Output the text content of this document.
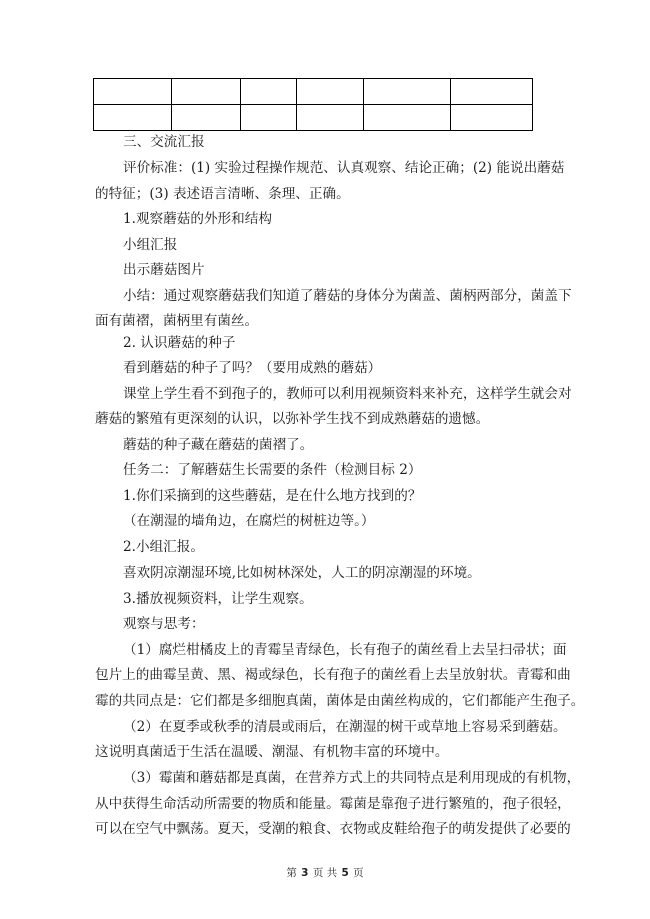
三、交流汇报
评价标准：(1) 实验过程操作规范、认真观察、结论正确；(2) 能说出蘑菇
的特征；(3) 表述语言清晰、条理、正确。
1.观察蘑菇的外形和结构
小组汇报
出示蘑菇图片
小结：通过观察蘑菇我们知道了蘑菇的身体分为菌盖、菌柄两部分，菌盖下
面有菌褶，菌柄里有菌丝。
2. 认识蘑菇的种子
看到蘑菇的种子了吗？（要用成熟的蘑菇）
课堂上学生看不到孢子的，教师可以利用视频资料来补充，这样学生就会对
蘑菇的繁殖有更深刻的认识，以弥补学生找不到成熟蘑菇的遗憾。
蘑菇的种子藏在蘑菇的菌褶了。
任务二：了解蘑菇生长需要的条件（检测目标 2）
1.你们采摘到的这些蘑菇，是在什么地方找到的？
（在潮湿的墙角边，在腐烂的树桩边等。）
2.小组汇报。
喜欢阴凉潮湿环境,比如树林深处，人工的阴凉潮湿的环境。
3.播放视频资料，让学生观察。
观察与思考：
（1）腐烂柑橘皮上的青霉呈青绿色，长有孢子的菌丝看上去呈扫帚状；面
包片上的曲霉呈黄、黑、褐或绿色，长有孢子的菌丝看上去呈放射状。青霉和曲
霉的共同点是：它们都是多细胞真菌，菌体是由菌丝构成的，它们都能产生孢子。
（2）在夏季或秋季的清晨或雨后，在潮湿的树干或草地上容易采到蘑菇。
这说明真菌适于生活在温暖、潮湿、有机物丰富的环境中。
（3）霉菌和蘑菇都是真菌，在营养方式上的共同特点是利用现成的有机物，
从中获得生命活动所需要的物质和能量。霉菌是靠孢子进行繁殖的，孢子很轻，
可以在空气中飘荡。夏天，受潮的粮食、衣物或皮鞋给孢子的萌发提供了必要的
第 3 页 共 5 页
